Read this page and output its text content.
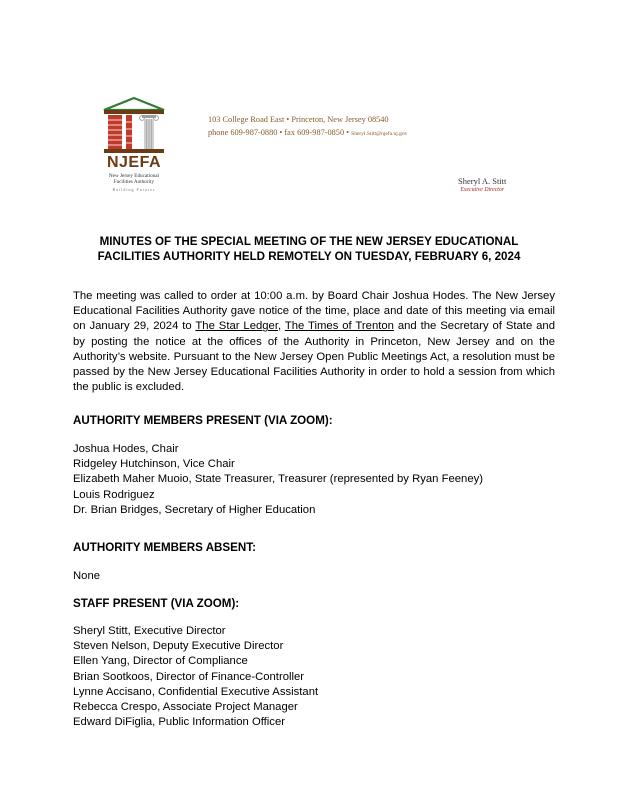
NJEFA
New Jersey Educational
Facilities Authority
Building Futures
103 College Road East • Princeton, New Jersey 08540
phone 609-987-0880 • fax 609-987-0850 • Sheryl.Stitt@njefa.nj.gov
Sheryl A. Stitt
Executive Director
MINUTES OF THE SPECIAL MEETING OF THE NEW JERSEY EDUCATIONAL
FACILITIES AUTHORITY HELD REMOTELY ON TUESDAY, FEBRUARY 6, 2024
The meeting was called to order at 10:00 a.m. by Board Chair Joshua Hodes. The New Jersey Educational Facilities Authority gave notice of the time, place and date of this meeting via email on January 29, 2024 to The Star Ledger, The Times of Trenton and the Secretary of State and by posting the notice at the offices of the Authority in Princeton, New Jersey and on the Authority’s website. Pursuant to the New Jersey Open Public Meetings Act, a resolution must be passed by the New Jersey Educational Facilities Authority in order to hold a session from which the public is excluded.
AUTHORITY MEMBERS PRESENT (VIA ZOOM):
Joshua Hodes, Chair
Ridgeley Hutchinson, Vice Chair
Elizabeth Maher Muoio, State Treasurer, Treasurer (represented by Ryan Feeney)
Louis Rodriguez
Dr. Brian Bridges, Secretary of Higher Education
AUTHORITY MEMBERS ABSENT:
None
STAFF PRESENT (VIA ZOOM):
Sheryl Stitt, Executive Director
Steven Nelson, Deputy Executive Director
Ellen Yang, Director of Compliance
Brian Sootkoos, Director of Finance-Controller
Lynne Accisano, Confidential Executive Assistant
Rebecca Crespo, Associate Project Manager
Edward DiFiglia, Public Information Officer
